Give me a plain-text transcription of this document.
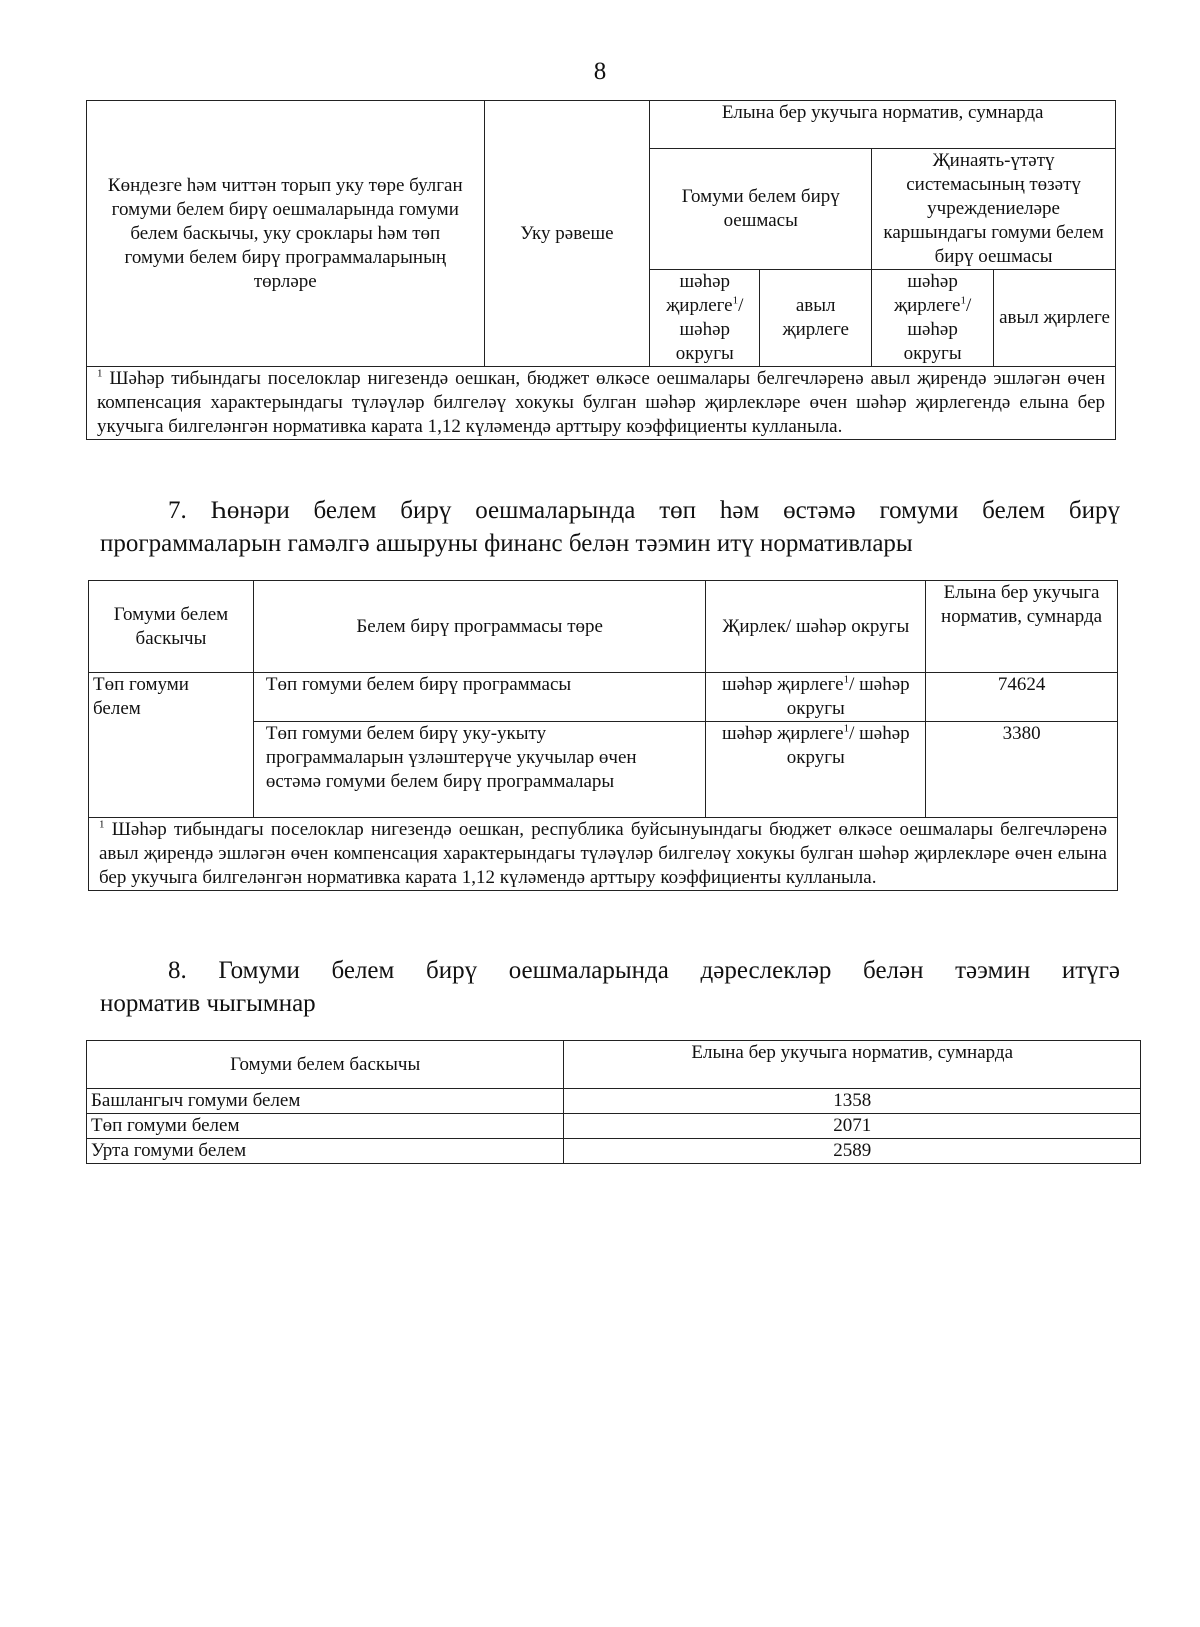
8
Көндезге һәм читтән торып уку төре булган гомуми белем бирү оешмаларында гомуми белем баскычы, уку сроклары һәм төп гомуми белем бирү программаларының төрләре	Уку рәвеше	Елына бер укучыга норматив, сумнарда			
		Гомуми белем бирү оешмасы		Җинаять-үтәтү системасының төзәтү учреждениеләре каршындагы гомуми белем бирү оешмасы	
		шәһәр җирлеге$^1$/ шәһәр округы	авыл җирлеге	шәһәр җирлеге$^1$/ шәһәр округы	авыл җирлеге
$^1$ Шәһәр тибындагы поселоклар нигезендә оешкан, бюджет өлкәсе оешмалары белгечләренә авыл җирендә эшләгән өчен компенсация характерындагы түләүләр билгеләү хокукы булган шәһәр җирлекләре өчен шәһәр җирлегендә елына бер укучыга билгеләнгән нормативка карата 1,12 күләмендә арттыру коэффициенты кулланыла.					
7. Һөнәри белем бирү оешмаларында төп һәм өстәмә гомуми белем бирү
программаларын гамәлгә ашыруны финанс белән тәэмин итү нормативлары
Гомуми белем баскычы	Белем бирү программасы төре	Җирлек/ шәһәр округы	Елына бер укучыга норматив, сумнарда
Төп гомуми белем	Төп гомуми белем бирү программасы	шәһәр җирлеге$^1$/ шәһәр округы	74624
	Төп гомуми белем бирү уку-укыту программаларын үзләштерүче укучылар өчен өстәмә гомуми белем бирү программалары	шәһәр җирлеге$^1$/ шәһәр округы	3380
$^1$ Шәһәр тибындагы поселоклар нигезендә оешкан, республика буйсынуындагы бюджет өлкәсе оешмалары белгечләренә авыл җирендә эшләгән өчен компенсация характерындагы түләүләр билгеләү хокукы булган шәһәр җирлекләре өчен елына бер укучыга билгеләнгән нормативка карата 1,12 күләмендә арттыру коэффициенты кулланыла.			
8. Гомуми белем бирү оешмаларында дәреслекләр белән тәэмин итүгә
норматив чыгымнар
Гомуми белем баскычы	Елына бер укучыга норматив, сумнарда
Башлангыч гомуми белем	1358
Төп гомуми белем	2071
Урта гомуми белем	2589
